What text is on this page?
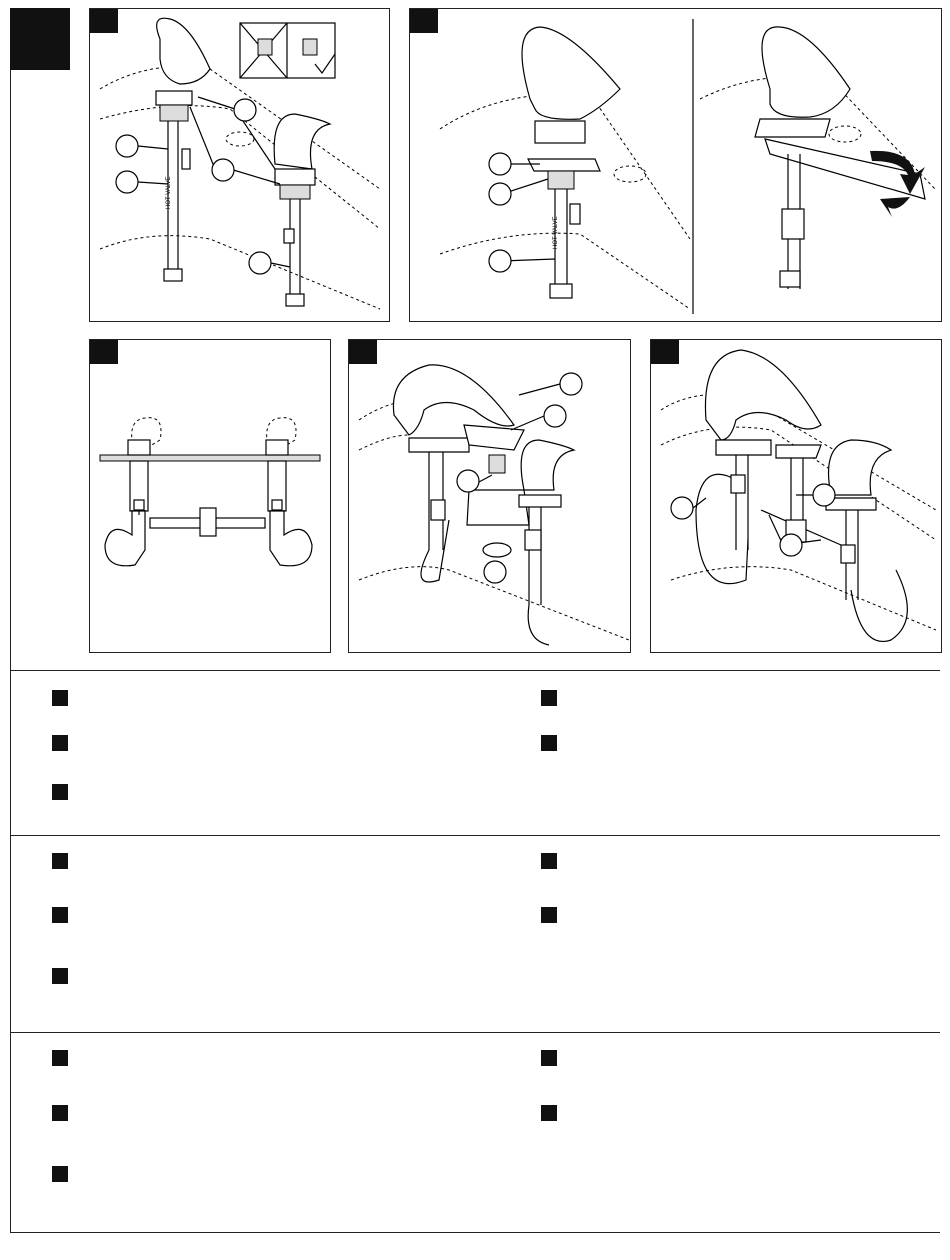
HOT VALVE
HOT VALVE
